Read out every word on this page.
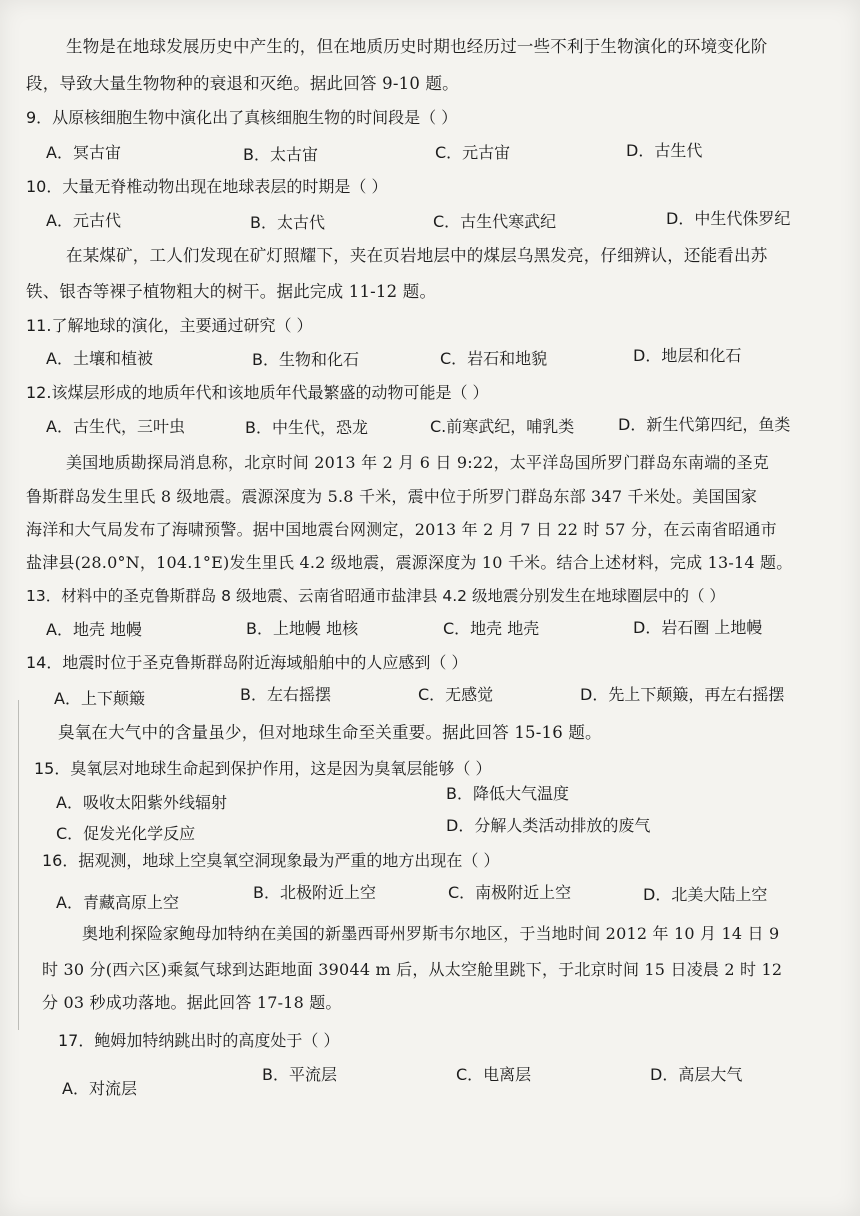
生物是在地球发展历史中产生的，但在地质历史时期也经历过一些不利于生物演化的环境变化阶
段，导致大量生物物种的衰退和灭绝。据此回答 9-10 题。
9．从原核细胞生物中演化出了真核细胞生物的时间段是（ ）
A．冥古宙	B．太古宙	C．元古宙	D．古生代
10．大量无脊椎动物出现在地球表层的时期是（ ）
A．元古代	B．太古代	C．古生代寒武纪	D．中生代侏罗纪
在某煤矿，工人们发现在矿灯照耀下，夹在页岩地层中的煤层乌黑发亮，仔细辨认，还能看出苏
铁、银杏等裸子植物粗大的树干。据此完成 11-12 题。
11.了解地球的演化，主要通过研究（ ）
A．土壤和植被	B．生物和化石	C．岩石和地貌	D．地层和化石
12.该煤层形成的地质年代和该地质年代最繁盛的动物可能是（ ）
A．古生代，三叶虫	B．中生代，恐龙	C.前寒武纪，哺乳类	D．新生代第四纪，鱼类
美国地质勘探局消息称，北京时间 2013 年 2 月 6 日 9:22，太平洋岛国所罗门群岛东南端的圣克
鲁斯群岛发生里氏 8 级地震。震源深度为 5.8 千米，震中位于所罗门群岛东部 347 千米处。美国国家
海洋和大气局发布了海啸预警。据中国地震台网测定，2013 年 2 月 7 日 22 时 57 分，在云南省昭通市
盐津县(28.0°N，104.1°E)发生里氏 4.2 级地震，震源深度为 10 千米。结合上述材料，完成 13-14 题。
13．材料中的圣克鲁斯群岛 8 级地震、云南省昭通市盐津县 4.2 级地震分别发生在地球圈层中的（ ）
A．地壳 地幔	B．上地幔 地核	C．地壳 地壳	D．岩石圈 上地幔
14．地震时位于圣克鲁斯群岛附近海域船舶中的人应感到（ ）
A．上下颠簸	B．左右摇摆	C．无感觉	D．先上下颠簸，再左右摇摆
臭氧在大气中的含量虽少，但对地球生命至关重要。据此回答 15-16 题。
15．臭氧层对地球生命起到保护作用，这是因为臭氧层能够（ ）
A．吸收太阳紫外线辐射	B．降低大气温度
C．促发光化学反应	D．分解人类活动排放的废气
16．据观测，地球上空臭氧空洞现象最为严重的地方出现在（ ）
A．青藏高原上空
B．北极附近上空	C．南极附近上空	D．北美大陆上空
奥地利探险家鲍母加特纳在美国的新墨西哥州罗斯韦尔地区，于当地时间 2012 年 10 月 14 日 9
时 30 分(西六区)乘氦气球到达距地面 39044 m 后，从太空舱里跳下，于北京时间 15 日凌晨 2 时 12
分 03 秒成功落地。据此回答 17-18 题。
17．鲍姆加特纳跳出时的高度处于（ ）
A．对流层
B．平流层	C．电离层	D．高层大气
